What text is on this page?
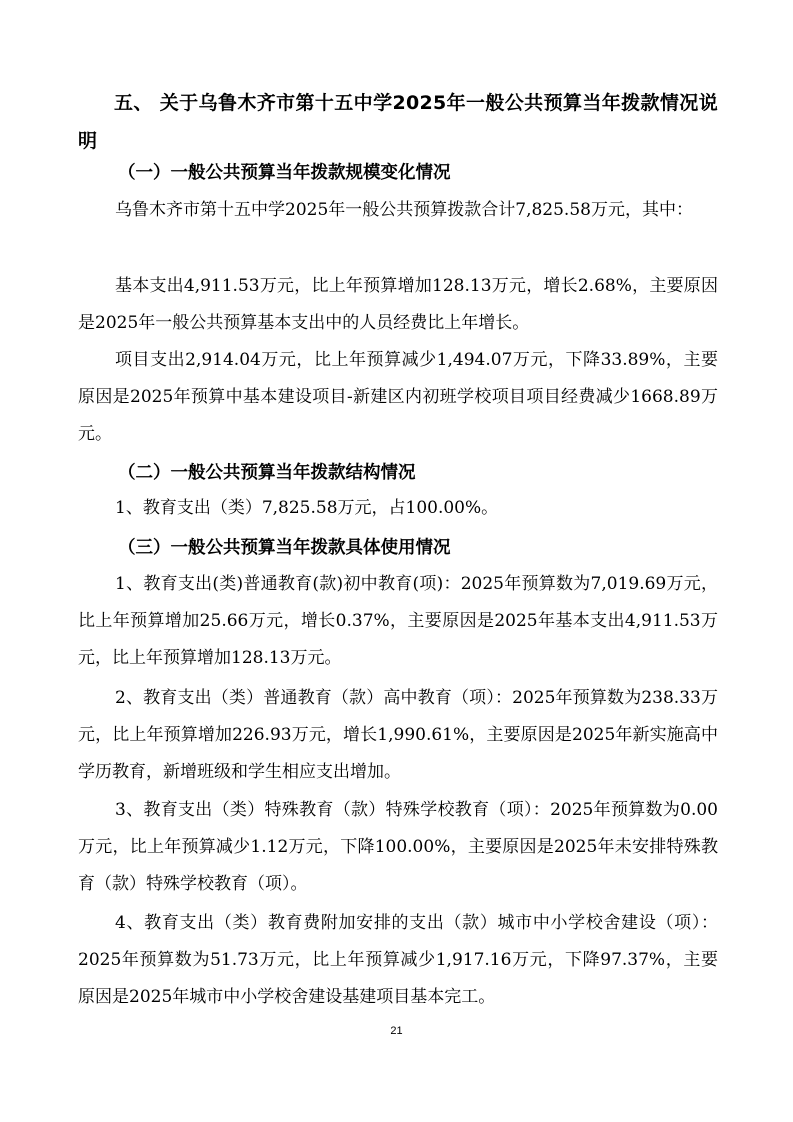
五、 关于乌鲁木齐市第十五中学2025年一般公共预算当年拨款情况说明
（一）一般公共预算当年拨款规模变化情况
乌鲁木齐市第十五中学2025年一般公共预算拨款合计7,825.58万元，其中：
基本支出4,911.53万元，比上年预算增加128.13万元，增长2.68%，主要原因是2025年一般公共预算基本支出中的人员经费比上年增长。
项目支出2,914.04万元，比上年预算减少1,494.07万元，下降33.89%，主要原因是2025年预算中基本建设项目-新建区内初班学校项目项目经费减少1668.89万元。
（二）一般公共预算当年拨款结构情况
1、教育支出（类）7,825.58万元，占100.00%。
（三）一般公共预算当年拨款具体使用情况
1、教育支出(类)普通教育(款)初中教育(项)：2025年预算数为7,019.69万元，比上年预算增加25.66万元，增长0.37%，主要原因是2025年基本支出4,911.53万元，比上年预算增加128.13万元。
2、教育支出（类）普通教育（款）高中教育（项）：2025年预算数为238.33万元，比上年预算增加226.93万元，增长1,990.61%，主要原因是2025年新实施高中学历教育，新增班级和学生相应支出增加。
3、教育支出（类）特殊教育（款）特殊学校教育（项）：2025年预算数为0.00万元，比上年预算减少1.12万元，下降100.00%，主要原因是2025年未安排特殊教育（款）特殊学校教育（项）。
4、教育支出（类）教育费附加安排的支出（款）城市中小学校舍建设（项）：2025年预算数为51.73万元，比上年预算减少1,917.16万元，下降97.37%，主要原因是2025年城市中小学校舍建设基建项目基本完工。
21
